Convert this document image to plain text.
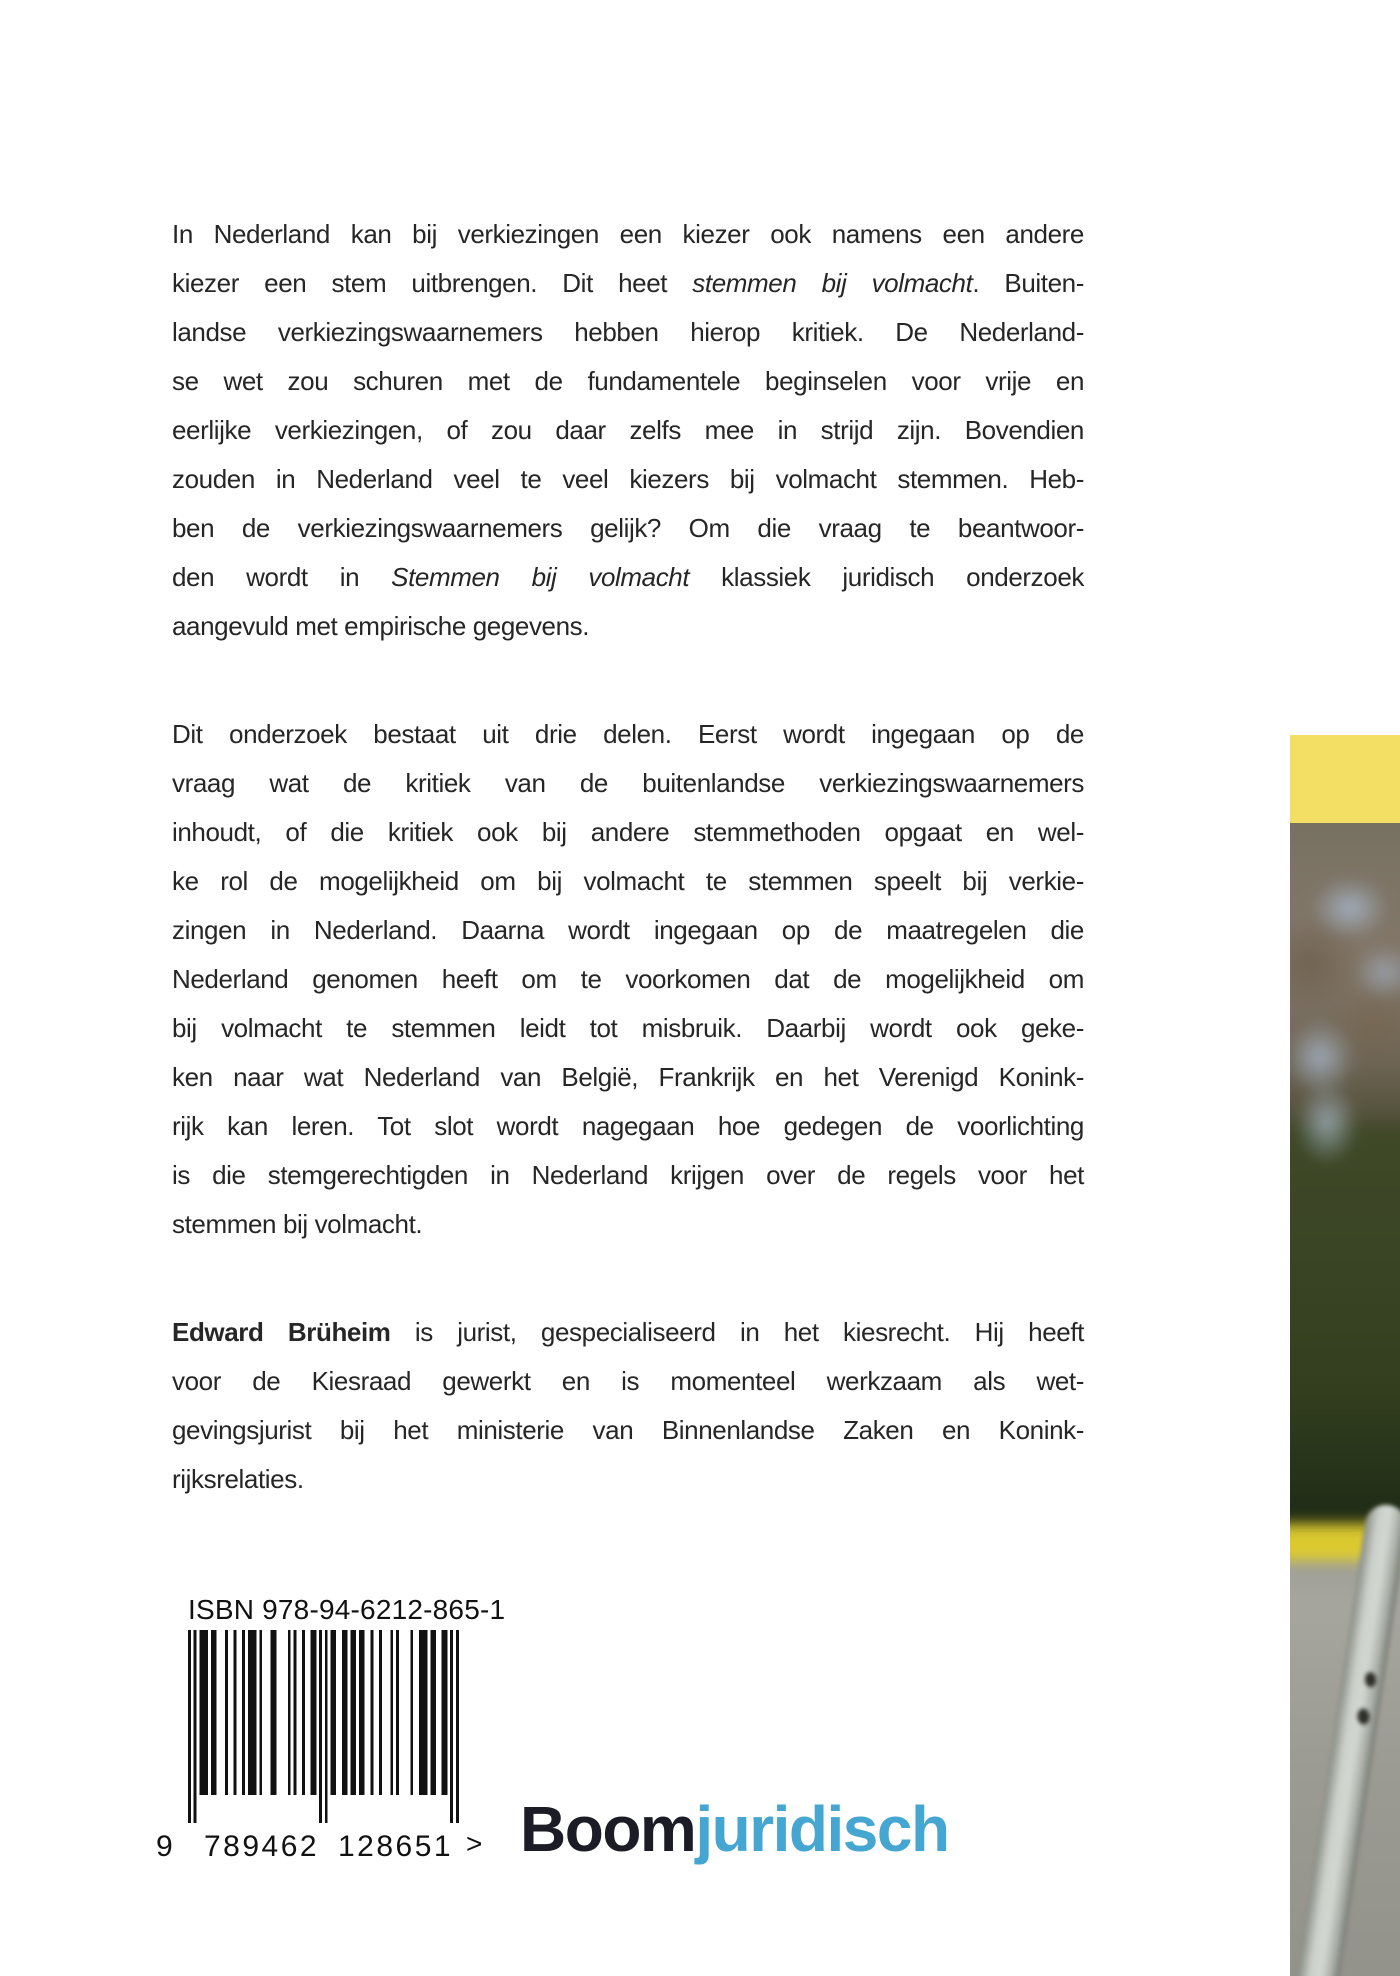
In Nederland kan bij verkiezingen een kiezer ook namens een andere
kiezer een stem uitbrengen. Dit heet stemmen bij volmacht. Buiten-
landse verkiezingswaarnemers hebben hierop kritiek. De Nederland-
se wet zou schuren met de fundamentele beginselen voor vrije en
eerlijke verkiezingen, of zou daar zelfs mee in strijd zijn. Bovendien
zouden in Nederland veel te veel kiezers bij volmacht stemmen. Heb-
ben de verkiezingswaarnemers gelijk? Om die vraag te beantwoor-
den wordt in Stemmen bij volmacht klassiek juridisch onderzoek
aangevuld met empirische gegevens.
Dit onderzoek bestaat uit drie delen. Eerst wordt ingegaan op de
vraag wat de kritiek van de buitenlandse verkiezingswaarnemers
inhoudt, of die kritiek ook bij andere stemmethoden opgaat en wel-
ke rol de mogelijkheid om bij volmacht te stemmen speelt bij verkie-
zingen in Nederland. Daarna wordt ingegaan op de maatregelen die
Nederland genomen heeft om te voorkomen dat de mogelijkheid om
bij volmacht te stemmen leidt tot misbruik. Daarbij wordt ook geke-
ken naar wat Nederland van België, Frankrijk en het Verenigd Konink-
rijk kan leren. Tot slot wordt nagegaan hoe gedegen de voorlichting
is die stemgerechtigden in Nederland krijgen over de regels voor het
stemmen bij volmacht.
Edward Brüheim is jurist, gespecialiseerd in het kiesrecht. Hij heeft
voor de Kiesraad gewerkt en is momenteel werkzaam als wet-
gevingsjurist bij het ministerie van Binnenlandse Zaken en Konink-
rijksrelaties.
ISBN 978-94-6212-865-1
9 789462 128651 > Boomjuridisch
